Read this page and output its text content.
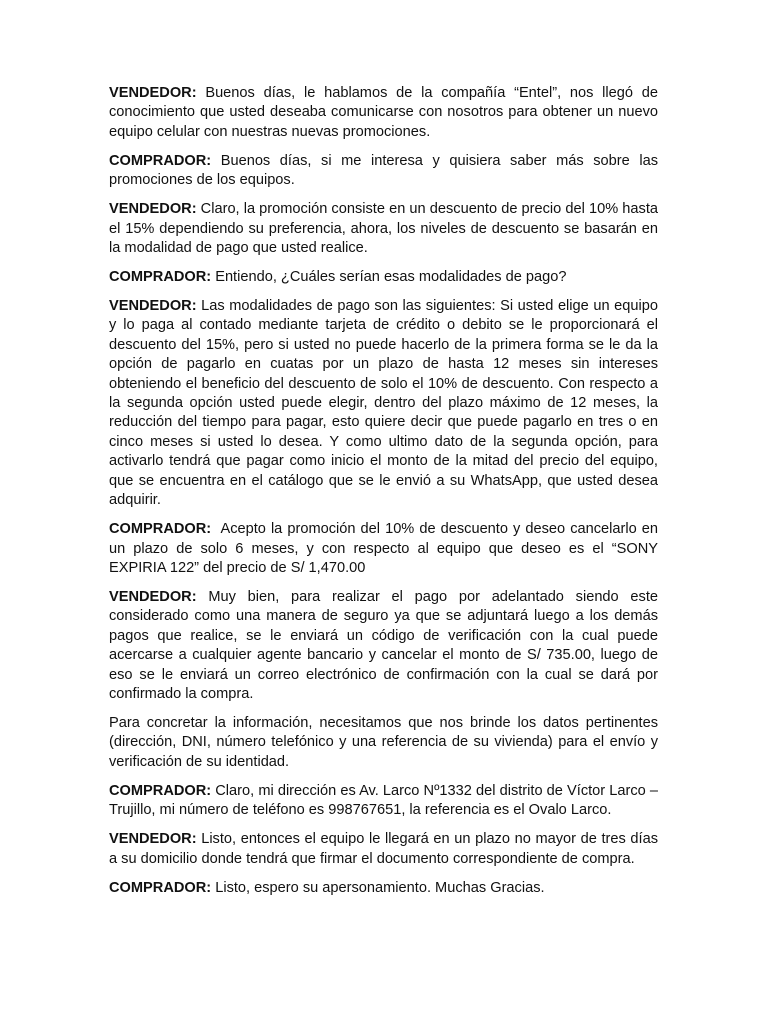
VENDEDOR: Buenos días, le hablamos de la compañía “Entel”, nos llegó de conocimiento que usted deseaba comunicarse con nosotros para obtener un nuevo equipo celular con nuestras nuevas promociones.

COMPRADOR: Buenos días, si me interesa y quisiera saber más sobre las promociones de los equipos.

VENDEDOR: Claro, la promoción consiste en un descuento de precio del 10% hasta el 15% dependiendo su preferencia, ahora, los niveles de descuento se basarán en la modalidad de pago que usted realice.

COMPRADOR: Entiendo, ¿Cuáles serían esas modalidades de pago?

VENDEDOR: Las modalidades de pago son las siguientes: Si usted elige un equipo y lo paga al contado mediante tarjeta de crédito o debito se le proporcionará el descuento del 15%, pero si usted no puede hacerlo de la primera forma se le da la opción de pagarlo en cuatas por un plazo de hasta 12 meses sin intereses obteniendo el beneficio del descuento de solo el 10% de descuento. Con respecto a la segunda opción usted puede elegir, dentro del plazo máximo de 12 meses, la reducción del tiempo para pagar, esto quiere decir que puede pagarlo en tres o en cinco meses si usted lo desea. Y como ultimo dato de la segunda opción, para activarlo tendrá que pagar como inicio el monto de la mitad del precio del equipo, que se encuentra en el catálogo que se le envió a su WhatsApp, que usted desea adquirir.

COMPRADOR:  Acepto la promoción del 10% de descuento y deseo cancelarlo en un plazo de solo 6 meses, y con respecto al equipo que deseo es el “SONY EXPIRIA 122” del precio de S/ 1,470.00

VENDEDOR: Muy bien, para realizar el pago por adelantado siendo este considerado como una manera de seguro ya que se adjuntará luego a los demás pagos que realice, se le enviará un código de verificación con la cual puede acercarse a cualquier agente bancario y cancelar el monto de S/ 735.00, luego de eso se le enviará un correo electrónico de confirmación con la cual se dará por confirmado la compra.

Para concretar la información, necesitamos que nos brinde los datos pertinentes (dirección, DNI, número telefónico y una referencia de su vivienda) para el envío y verificación de su identidad.

COMPRADOR: Claro, mi dirección es Av. Larco Nº1332 del distrito de Víctor Larco – Trujillo, mi número de teléfono es 998767651, la referencia es el Ovalo Larco.

VENDEDOR: Listo, entonces el equipo le llegará en un plazo no mayor de tres días a su domicilio donde tendrá que firmar el documento correspondiente de compra.

COMPRADOR: Listo, espero su apersonamiento. Muchas Gracias.
